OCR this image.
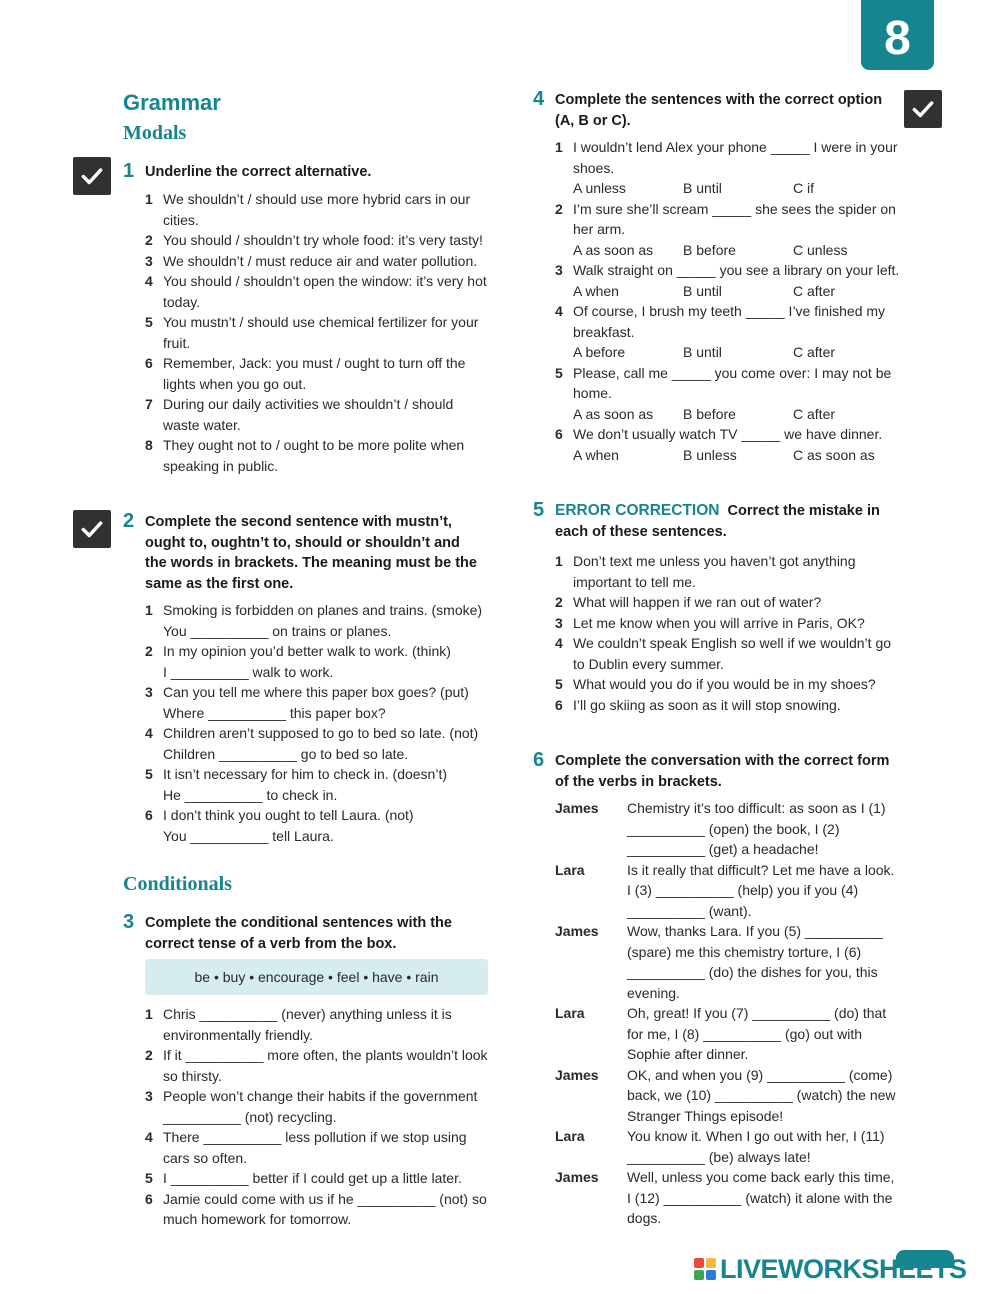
8
Grammar
Modals
1 Underline the correct alternative.
1 We shouldn’t / should use more hybrid cars in our cities.
2 You should / shouldn’t try whole food: it’s very tasty!
3 We shouldn’t / must reduce air and water pollution.
4 You should / shouldn’t open the window: it’s very hot today.
5 You mustn’t / should use chemical fertilizer for your fruit.
6 Remember, Jack: you must / ought to turn off the lights when you go out.
7 During our daily activities we shouldn’t / should waste water.
8 They ought not to / ought to be more polite when speaking in public.
2 Complete the second sentence with mustn’t, ought to, oughtn’t to, should or shouldn’t and the words in brackets. The meaning must be the same as the first one.
1 Smoking is forbidden on planes and trains. (smoke)
You __________ on trains or planes.
2 In my opinion you’d better walk to work. (think)
I __________ walk to work.
3 Can you tell me where this paper box goes? (put)
Where __________ this paper box?
4 Children aren’t supposed to go to bed so late. (not)
Children __________ go to bed so late.
5 It isn’t necessary for him to check in. (doesn’t)
He __________ to check in.
6 I don’t think you ought to tell Laura. (not)
You __________ tell Laura.
Conditionals
3 Complete the conditional sentences with the correct tense of a verb from the box.
be • buy • encourage • feel • have • rain
1 Chris __________ (never) anything unless it is environmentally friendly.
2 If it __________ more often, the plants wouldn’t look so thirsty.
3 People won’t change their habits if the government __________ (not) recycling.
4 There __________ less pollution if we stop using cars so often.
5 I __________ better if I could get up a little later.
6 Jamie could come with us if he __________ (not) so much homework for tomorrow.
4 Complete the sentences with the correct option (A, B or C).
1 I wouldn’t lend Alex your phone _____ I were in your shoes.
A unless	B until	C if
2 I’m sure she’ll scream _____ she sees the spider on her arm.
A as soon as	B before	C unless
3 Walk straight on _____ you see a library on your left.
A when	B until	C after
4 Of course, I brush my teeth _____ I’ve finished my breakfast.
A before	B until	C after
5 Please, call me _____ you come over: I may not be home.
A as soon as	B before	C after
6 We don’t usually watch TV _____ we have dinner.
A when	B unless	C as soon as
5 ERROR CORRECTION Correct the mistake in each of these sentences.
1 Don’t text me unless you haven’t got anything important to tell me.
2 What will happen if we ran out of water?
3 Let me know when you will arrive in Paris, OK?
4 We couldn’t speak English so well if we wouldn’t go to Dublin every summer.
5 What would you do if you would be in my shoes?
6 I’ll go skiing as soon as it will stop snowing.
6 Complete the conversation with the correct form of the verbs in brackets.
James	Chemistry it’s too difficult: as soon as I (1) __________ (open) the book, I (2) __________ (get) a headache!
Lara	Is it really that difficult? Let me have a look. I (3) __________ (help) you if you (4) __________ (want).
James	Wow, thanks Lara. If you (5) __________ (spare) me this chemistry torture, I (6) __________ (do) the dishes for you, this evening.
Lara	Oh, great! If you (7) __________ (do) that for me, I (8) __________ (go) out with Sophie after dinner.
James	OK, and when you (9) __________ (come) back, we (10) __________ (watch) the new Stranger Things episode!
Lara	You know it. When I go out with her, I (11) __________ (be) always late!
James	Well, unless you come back early this time, I (12) __________ (watch) it alone with the dogs.
LIVEWORKSHEETS
